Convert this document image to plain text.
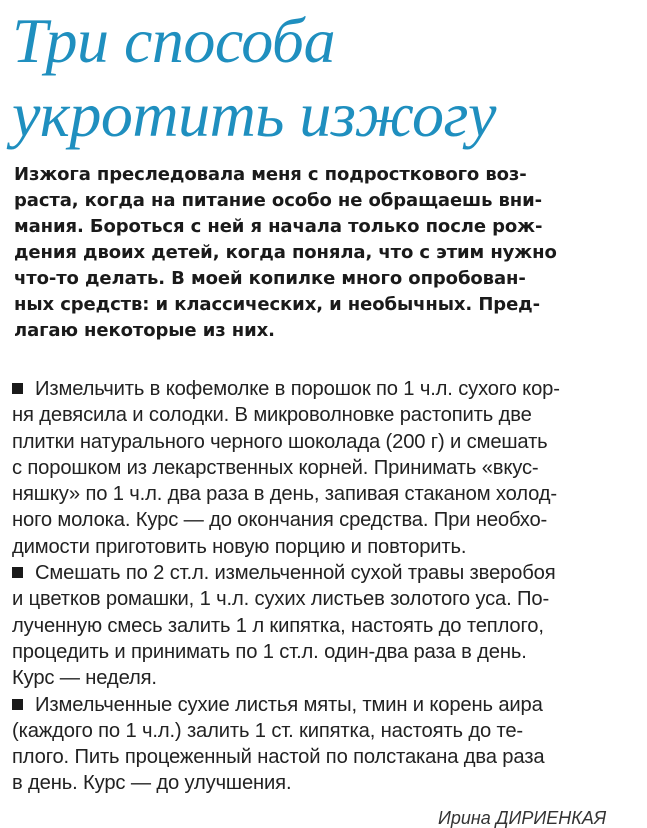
Три способа
укротить изжогу
Изжога преследовала меня с подросткового воз-
раста, когда на питание особо не обращаешь вни-
мания. Бороться с ней я начала только после рож-
дения двоих детей, когда поняла, что с этим нужно
что-то делать. В моей копилке много опробован-
ных средств: и классических, и необычных. Пред-
лагаю некоторые из них.
Измельчить в кофемолке в порошок по 1 ч.л. сухого кор-
ня девясила и солодки. В микроволновке растопить две
плитки натурального черного шоколада (200 г) и смешать
с порошком из лекарственных корней. Принимать «вкус-
няшку» по 1 ч.л. два раза в день, запивая стаканом холод-
ного молока. Курс — до окончания средства. При необхо-
димости приготовить новую порцию и повторить.
Смешать по 2 ст.л. измельченной сухой травы зверобоя
и цветков ромашки, 1 ч.л. сухих листьев золотого уса. По-
лученную смесь залить 1 л кипятка, настоять до теплого,
процедить и принимать по 1 ст.л. один-два раза в день.
Курс — неделя.
Измельченные сухие листья мяты, тмин и корень аира
(каждого по 1 ч.л.) залить 1 ст. кипятка, настоять до те-
плого. Пить процеженный настой по полстакана два раза
в день. Курс — до улучшения.
Ирина ДИРИЕНКАЯ
